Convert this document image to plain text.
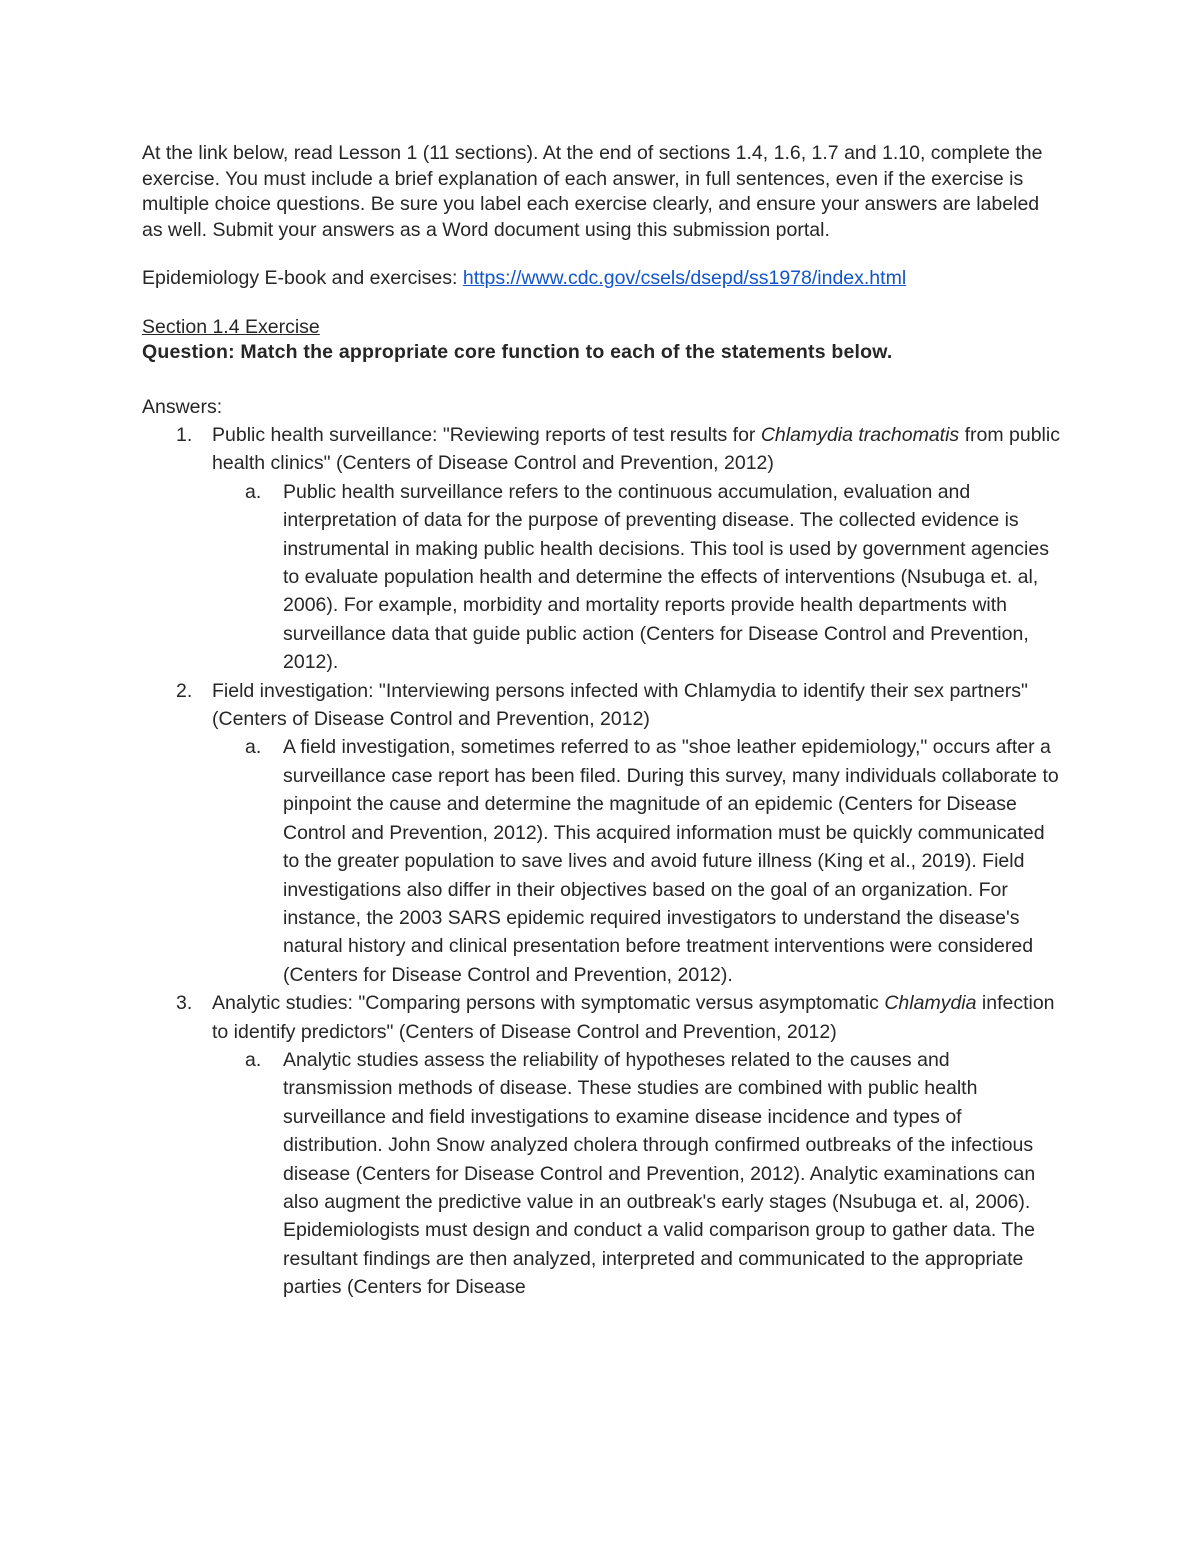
At the link below, read Lesson 1 (11 sections). At the end of sections 1.4, 1.6, 1.7 and 1.10, complete the exercise. You must include a brief explanation of each answer, in full sentences, even if the exercise is multiple choice questions. Be sure you label each exercise clearly, and ensure your answers are labeled as well. Submit your answers as a Word document using this submission portal.

Epidemiology E-book and exercises: https://www.cdc.gov/csels/dsepd/ss1978/index.html
Section 1.4 Exercise
Question: Match the appropriate core function to each of the statements below.
Answers:
1. Public health surveillance: "Reviewing reports of test results for Chlamydia trachomatis from public health clinics" (Centers of Disease Control and Prevention, 2012)
a. Public health surveillance refers to the continuous accumulation, evaluation and interpretation of data for the purpose of preventing disease. The collected evidence is instrumental in making public health decisions. This tool is used by government agencies to evaluate population health and determine the effects of interventions (Nsubuga et. al, 2006). For example, morbidity and mortality reports provide health departments with surveillance data that guide public action (Centers for Disease Control and Prevention, 2012).
2. Field investigation: "Interviewing persons infected with Chlamydia to identify their sex partners" (Centers of Disease Control and Prevention, 2012)
a. A field investigation, sometimes referred to as "shoe leather epidemiology," occurs after a surveillance case report has been filed. During this survey, many individuals collaborate to pinpoint the cause and determine the magnitude of an epidemic (Centers for Disease Control and Prevention, 2012). This acquired information must be quickly communicated to the greater population to save lives and avoid future illness (King et al., 2019). Field investigations also differ in their objectives based on the goal of an organization. For instance, the 2003 SARS epidemic required investigators to understand the disease's natural history and clinical presentation before treatment interventions were considered (Centers for Disease Control and Prevention, 2012).
3. Analytic studies: "Comparing persons with symptomatic versus asymptomatic Chlamydia infection to identify predictors" (Centers of Disease Control and Prevention, 2012)
a. Analytic studies assess the reliability of hypotheses related to the causes and transmission methods of disease. These studies are combined with public health surveillance and field investigations to examine disease incidence and types of distribution. John Snow analyzed cholera through confirmed outbreaks of the infectious disease (Centers for Disease Control and Prevention, 2012). Analytic examinations can also augment the predictive value in an outbreak's early stages (Nsubuga et. al, 2006). Epidemiologists must design and conduct a valid comparison group to gather data. The resultant findings are then analyzed, interpreted and communicated to the appropriate parties (Centers for Disease
